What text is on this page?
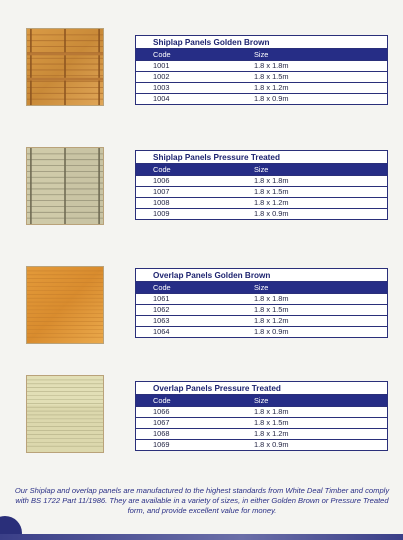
Shiplap Panels Golden Brown
Code	Size
1001	1.8 x 1.8m
1002	1.8 x 1.5m
1003	1.8 x 1.2m
1004	1.8 x 0.9m
Shiplap Panels Pressure Treated
Code	Size
1006	1.8 x 1.8m
1007	1.8 x 1.5m
1008	1.8 x 1.2m
1009	1.8 x 0.9m
Overlap Panels Golden Brown
Code	Size
1061	1.8 x 1.8m
1062	1.8 x 1.5m
1063	1.8 x 1.2m
1064	1.8 x 0.9m
Overlap Panels Pressure Treated
Code	Size
1066	1.8 x 1.8m
1067	1.8 x 1.5m
1068	1.8 x 1.2m
1069	1.8 x 0.9m

Our Shiplap and overlap panels are manufactured to the highest standards from White Deal Timber and comply with BS 1722 Part 11/1986. They are available in a variety of sizes, in either Golden Brown or Pressure Treated form, and provide excellent value for money.
